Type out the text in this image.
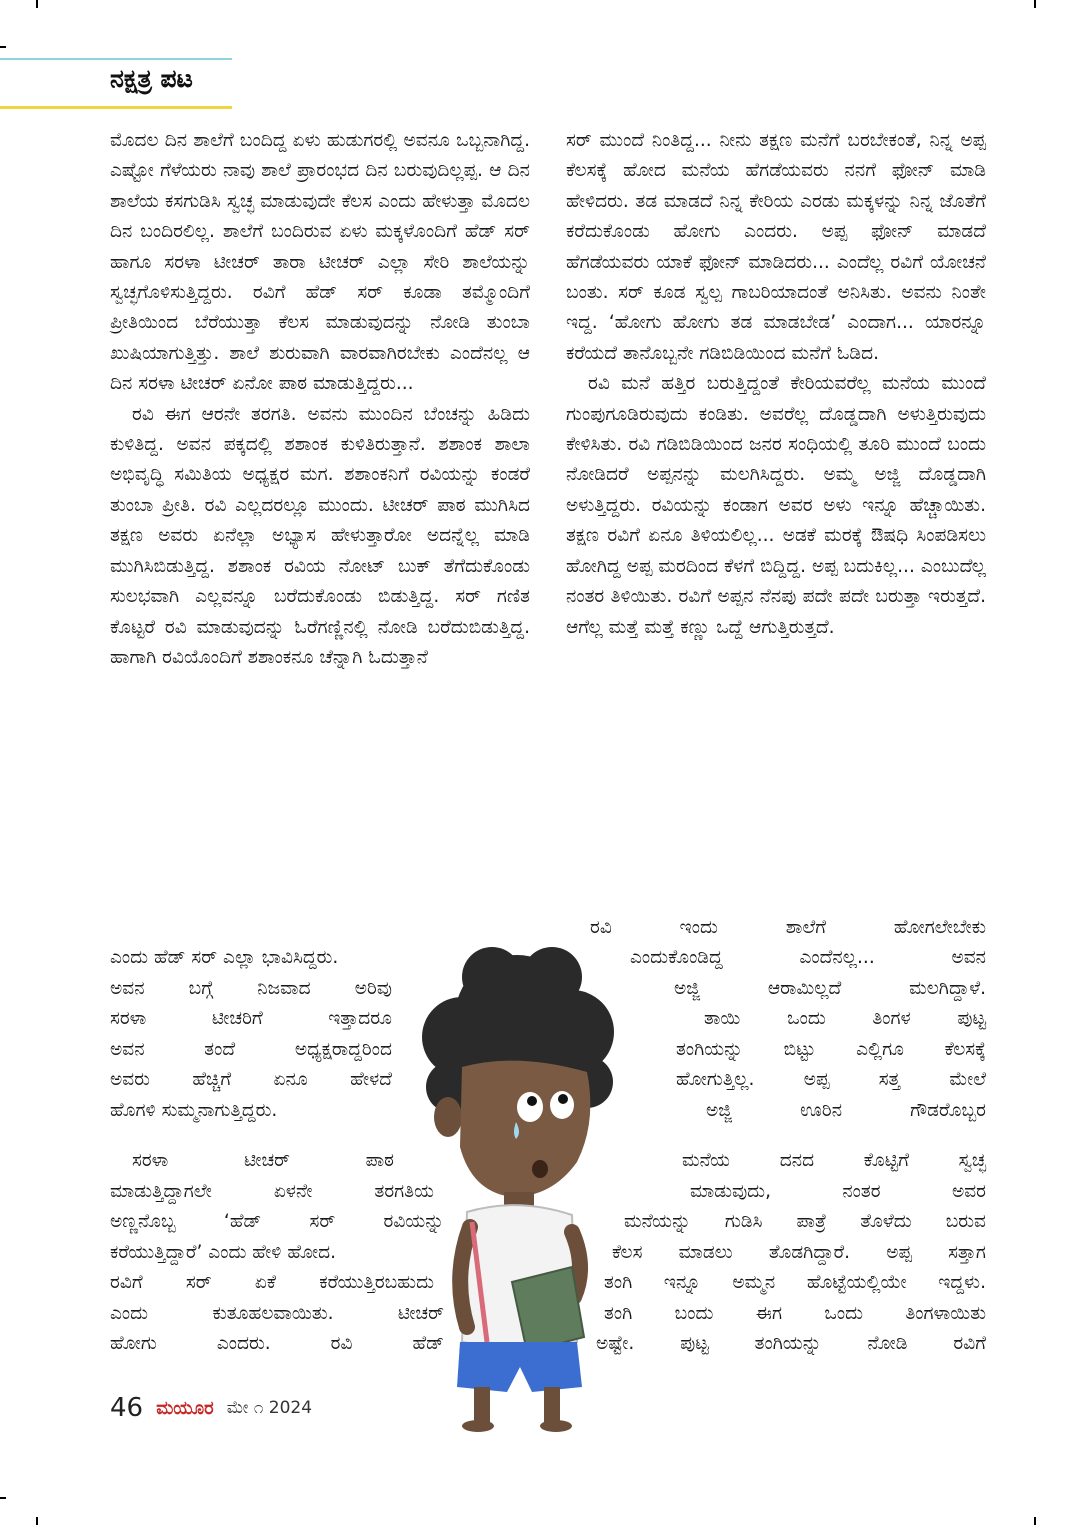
ನಕ್ಷತ್ರ ಪಟ

ಮೊದಲ ದಿನ ಶಾಲೆಗೆ ಬಂದಿದ್ದ ಏಳು ಹುಡುಗರಲ್ಲಿ ಅವನೂ ಒಬ್ಬನಾಗಿದ್ದ. ಎಷ್ಟೋ ಗೆಳೆಯರು ನಾವು ಶಾಲೆ ಪ್ರಾರಂಭದ ದಿನ ಬರುವುದಿಲ್ಲಪ್ಪ. ಆ ದಿನ ಶಾಲೆಯ ಕಸಗುಡಿಸಿ ಸ್ವಚ್ಛ ಮಾಡುವುದೇ ಕೆಲಸ ಎಂದು ಹೇಳುತ್ತಾ ಮೊದಲ ದಿನ ಬಂದಿರಲಿಲ್ಲ. ಶಾಲೆಗೆ ಬಂದಿರುವ ಏಳು ಮಕ್ಕಳೊಂದಿಗೆ ಹೆಡ್ ಸರ್ ಹಾಗೂ ಸರಳಾ ಟೀಚರ್ ತಾರಾ ಟೀಚರ್ ಎಲ್ಲಾ ಸೇರಿ ಶಾಲೆಯನ್ನು ಸ್ವಚ್ಛಗೊಳಿಸುತ್ತಿದ್ದರು. ರವಿಗೆ ಹೆಡ್ ಸರ್ ಕೂಡಾ ತಮ್ಮೊಂದಿಗೆ ಪ್ರೀತಿಯಿಂದ ಬೆರೆಯುತ್ತಾ ಕೆಲಸ ಮಾಡುವುದನ್ನು ನೋಡಿ ತುಂಬಾ ಖುಷಿಯಾಗುತ್ತಿತ್ತು. ಶಾಲೆ ಶುರುವಾಗಿ ವಾರವಾಗಿರಬೇಕು ಎಂದೆನಲ್ಲ ಆ ದಿನ ಸರಳಾ ಟೀಚರ್ ಏನೋ ಪಾಠ ಮಾಡುತ್ತಿದ್ದರು...

ರವಿ ಈಗ ಆರನೇ ತರಗತಿ. ಅವನು ಮುಂದಿನ ಬೆಂಚನ್ನು ಹಿಡಿದು ಕುಳಿತಿದ್ದ. ಅವನ ಪಕ್ಕದಲ್ಲಿ ಶಶಾಂಕ ಕುಳಿತಿರುತ್ತಾನೆ. ಶಶಾಂಕ ಶಾಲಾ ಅಭಿವೃದ್ಧಿ ಸಮಿತಿಯ ಅಧ್ಯಕ್ಷರ ಮಗ. ಶಶಾಂಕನಿಗೆ ರವಿಯನ್ನು ಕಂಡರೆ ತುಂಬಾ ಪ್ರೀತಿ. ರವಿ ಎಲ್ಲದರಲ್ಲೂ ಮುಂದು. ಟೀಚರ್ ಪಾಠ ಮುಗಿಸಿದ ತಕ್ಷಣ ಅವರು ಏನೆಲ್ಲಾ ಅಭ್ಯಾಸ ಹೇಳುತ್ತಾರೋ ಅದನ್ನೆಲ್ಲ ಮಾಡಿ ಮುಗಿಸಿಬಿಡುತ್ತಿದ್ದ. ಶಶಾಂಕ ರವಿಯ ನೋಟ್ ಬುಕ್ ತೆಗೆದುಕೊಂಡು ಸುಲಭವಾಗಿ ಎಲ್ಲವನ್ನೂ ಬರೆದುಕೊಂಡು ಬಿಡುತ್ತಿದ್ದ. ಸರ್ ಗಣಿತ ಕೊಟ್ಟರೆ ರವಿ ಮಾಡುವುದನ್ನು ಓರೆಗಣ್ಣಿನಲ್ಲಿ ನೋಡಿ ಬರೆದುಬಿಡುತ್ತಿದ್ದ. ಹಾಗಾಗಿ ರವಿಯೊಂದಿಗೆ ಶಶಾಂಕನೂ ಚೆನ್ನಾಗಿ ಓದುತ್ತಾನೆ

ಎಂದು ಹೆಡ್ ಸರ್ ಎಲ್ಲಾ ಭಾವಿಸಿದ್ದರು.
ಅವನ ಬಗ್ಗೆ ನಿಜವಾದ ಅರಿವು
ಸರಳಾ ಟೀಚರಿಗೆ ಇತ್ತಾದರೂ
ಅವನ ತಂದೆ ಅಧ್ಯಕ್ಷರಾದ್ದರಿಂದ
ಅವರು ಹೆಚ್ಚಿಗೆ ಏನೂ ಹೇಳದೆ
ಹೊಗಳಿ ಸುಮ್ಮನಾಗುತ್ತಿದ್ದರು.
ಸರಳಾ ಟೀಚರ್ ಪಾಠ
ಮಾಡುತ್ತಿದ್ದಾಗಲೇ ಏಳನೇ ತರಗತಿಯ
ಅಣ್ಣನೊಬ್ಬ ‘ಹೆಡ್ ಸರ್ ರವಿಯನ್ನು
ಕರೆಯುತ್ತಿದ್ದಾರೆ’ ಎಂದು ಹೇಳಿ ಹೋದ.
ರವಿಗೆ ಸರ್ ಏಕೆ ಕರೆಯುತ್ತಿರಬಹುದು
ಎಂದು ಕುತೂಹಲವಾಯಿತು. ಟೀಚರ್
ಹೋಗು ಎಂದರು. ರವಿ ಹೆಡ್

ಸರ್ ಮುಂದೆ ನಿಂತಿದ್ದ... ನೀನು ತಕ್ಷಣ ಮನೆಗೆ ಬರಬೇಕಂತೆ, ನಿನ್ನ ಅಪ್ಪ ಕೆಲಸಕ್ಕೆ ಹೋದ ಮನೆಯ ಹೆಗಡೆಯವರು ನನಗೆ ಫೋನ್ ಮಾಡಿ ಹೇಳಿದರು. ತಡ ಮಾಡದೆ ನಿನ್ನ ಕೇರಿಯ ಎರಡು ಮಕ್ಕಳನ್ನು ನಿನ್ನ ಜೊತೆಗೆ ಕರೆದುಕೊಂಡು ಹೋಗು ಎಂದರು. ಅಪ್ಪ ಫೋನ್ ಮಾಡದೆ ಹೆಗಡೆಯವರು ಯಾಕೆ ಫೋನ್ ಮಾಡಿದರು... ಎಂದೆಲ್ಲ ರವಿಗೆ ಯೋಚನೆ ಬಂತು. ಸರ್ ಕೂಡ ಸ್ವಲ್ಪ ಗಾಬರಿಯಾದಂತೆ ಅನಿಸಿತು. ಅವನು ನಿಂತೇ ಇದ್ದ. ‘ಹೋಗು ಹೋಗು ತಡ ಮಾಡಬೇಡ’ ಎಂದಾಗ... ಯಾರನ್ನೂ ಕರೆಯದೆ ತಾನೊಬ್ಬನೇ ಗಡಿಬಿಡಿಯಿಂದ ಮನೆಗೆ ಓಡಿದ.

ರವಿ ಮನೆ ಹತ್ತಿರ ಬರುತ್ತಿದ್ದಂತೆ ಕೇರಿಯವರೆಲ್ಲ ಮನೆಯ ಮುಂದೆ ಗುಂಪುಗೂಡಿರುವುದು ಕಂಡಿತು. ಅವರೆಲ್ಲ ದೊಡ್ಡದಾಗಿ ಅಳುತ್ತಿರುವುದು ಕೇಳಿಸಿತು. ರವಿ ಗಡಿಬಿಡಿಯಿಂದ ಜನರ ಸಂಧಿಯಲ್ಲಿ ತೂರಿ ಮುಂದೆ ಬಂದು ನೋಡಿದರೆ ಅಪ್ಪನನ್ನು ಮಲಗಿಸಿದ್ದರು. ಅಮ್ಮ ಅಜ್ಜಿ ದೊಡ್ಡದಾಗಿ ಅಳುತ್ತಿದ್ದರು. ರವಿಯನ್ನು ಕಂಡಾಗ ಅವರ ಅಳು ಇನ್ನೂ ಹೆಚ್ಚಾಯಿತು. ತಕ್ಷಣ ರವಿಗೆ ಏನೂ ತಿಳಿಯಲಿಲ್ಲ... ಅಡಕೆ ಮರಕ್ಕೆ ಔಷಧಿ ಸಿಂಪಡಿಸಲು ಹೋಗಿದ್ದ ಅಪ್ಪ ಮರದಿಂದ ಕೆಳಗೆ ಬಿದ್ದಿದ್ದ. ಅಪ್ಪ ಬದುಕಿಲ್ಲ... ಎಂಬುದೆಲ್ಲ ನಂತರ ತಿಳಿಯಿತು. ರವಿಗೆ ಅಪ್ಪನ ನೆನಪು ಪದೇ ಪದೇ ಬರುತ್ತಾ ಇರುತ್ತದೆ. ಆಗೆಲ್ಲ ಮತ್ತೆ ಮತ್ತೆ ಕಣ್ಣು ಒದ್ದೆ ಆಗುತ್ತಿರುತ್ತದೆ.

ರವಿ ಇಂದು ಶಾಲೆಗೆ ಹೋಗಲೇಬೇಕು
ಎಂದುಕೊಂಡಿದ್ದ ಎಂದೆನಲ್ಲ... ಅವನ
ಅಜ್ಜಿ ಆರಾಮಿಲ್ಲದೆ ಮಲಗಿದ್ದಾಳೆ.
ತಾಯಿ ಒಂದು ತಿಂಗಳ ಪುಟ್ಟ
ತಂಗಿಯನ್ನು ಬಿಟ್ಟು ಎಲ್ಲಿಗೂ ಕೆಲಸಕ್ಕೆ
ಹೋಗುತ್ತಿಲ್ಲ. ಅಪ್ಪ ಸತ್ತ ಮೇಲೆ
ಅಜ್ಜಿ ಊರಿನ ಗೌಡರೊಬ್ಬರ
ಮನೆಯ ದನದ ಕೊಟ್ಟಿಗೆ ಸ್ವಚ್ಛ
ಮಾಡುವುದು, ನಂತರ ಅವರ
ಮನೆಯನ್ನು ಗುಡಿಸಿ ಪಾತ್ರೆ ತೊಳೆದು ಬರುವ
ಕೆಲಸ ಮಾಡಲು ತೊಡಗಿದ್ದಾರೆ. ಅಪ್ಪ ಸತ್ತಾಗ
ತಂಗಿ ಇನ್ನೂ ಅಮ್ಮನ ಹೊಟ್ಟೆಯಲ್ಲಿಯೇ ಇದ್ದಳು.
ತಂಗಿ ಬಂದು ಈಗ ಒಂದು ತಿಂಗಳಾಯಿತು
ಅಷ್ಟೇ. ಪುಟ್ಟ ತಂಗಿಯನ್ನು ನೋಡಿ ರವಿಗೆ
46 ಮಯೂರ ಮೇ ೧ 2024
